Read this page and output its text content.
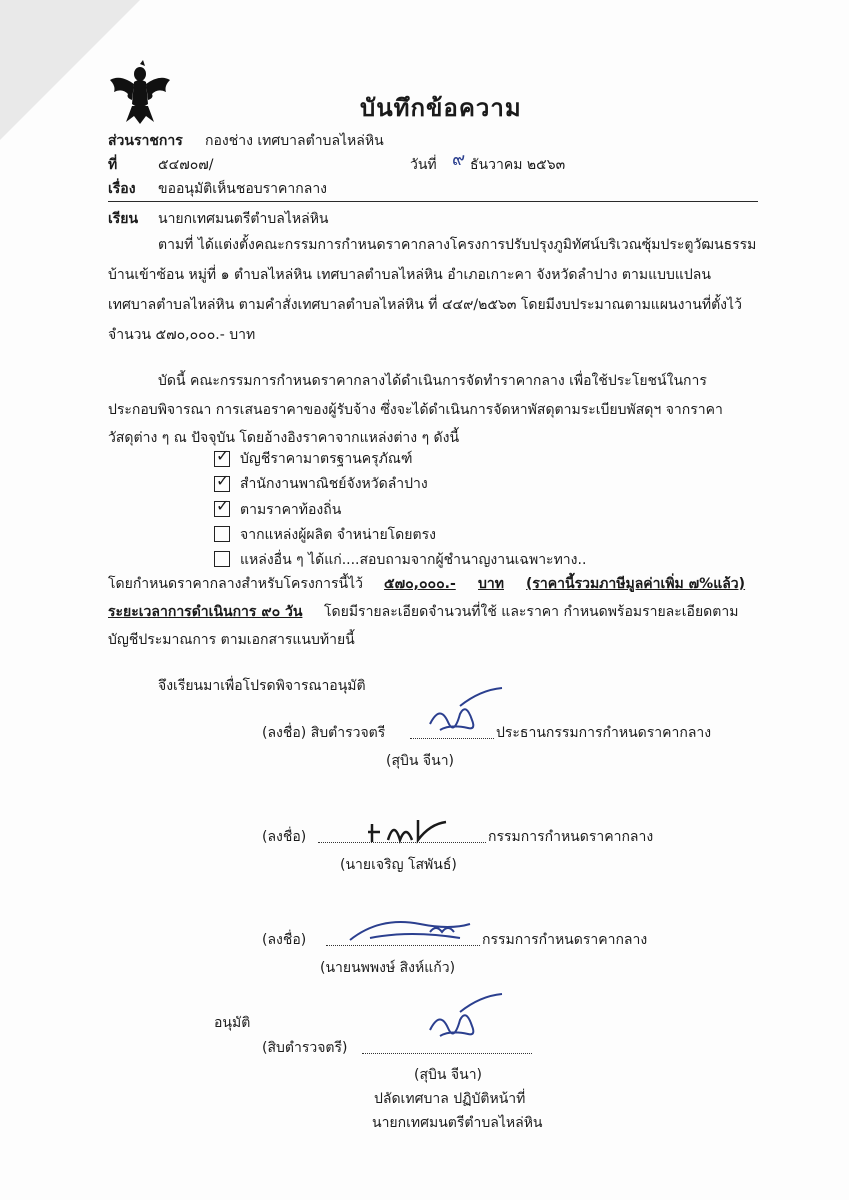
บันทึกข้อความ
ส่วนราชการ กองช่าง เทศบาลตำบลไหล่หิน
ที่	๕๔๗๐๗/	วันที่ ๙ ธันวาคม ๒๕๖๓
เรื่อง ขออนุมัติเห็นชอบราคากลาง
เรียน นายกเทศมนตรีตำบลไหล่หิน
ตามที่ ได้แต่งตั้งคณะกรรมการกำหนดราคากลางโครงการปรับปรุงภูมิทัศน์บริเวณซุ้มประตูวัฒนธรรม
บ้านเข้าซ้อน หมู่ที่ ๑ ตำบลไหล่หิน เทศบาลตำบลไหล่หิน อำเภอเกาะคา จังหวัดลำปาง ตามแบบแปลน
เทศบาลตำบลไหล่หิน ตามคำสั่งเทศบาลตำบลไหล่หิน ที่ ๔๔๙/๒๕๖๓ โดยมีงบประมาณตามแผนงานที่ตั้งไว้
จำนวน ๕๗๐,๐๐๐.- บาท
บัดนี้ คณะกรรมการกำหนดราคากลางได้ดำเนินการจัดทำราคากลาง เพื่อใช้ประโยชน์ในการ
ประกอบพิจารณา การเสนอราคาของผู้รับจ้าง ซึ่งจะได้ดำเนินการจัดหาพัสดุตามระเบียบพัสดุฯ จากราคา
วัสดุต่าง ๆ ณ ปัจจุบัน โดยอ้างอิงราคาจากแหล่งต่าง ๆ ดังนี้
✓ บัญชีราคามาตรฐานครุภัณฑ์
✓ สำนักงานพาณิชย์จังหวัดลำปาง
✓ ตามราคาท้องถิ่น
จากแหล่งผู้ผลิต จำหน่ายโดยตรง
แหล่งอื่น ๆ ได้แก่....สอบถามจากผู้ชำนาญงานเฉพาะทาง..
โดยกำหนดราคากลางสำหรับโครงการนี้ไว้ ๕๗๐,๐๐๐.- บาท (ราคานี้รวมภาษีมูลค่าเพิ่ม ๗%แล้ว)
ระยะเวลาการดำเนินการ ๙๐ วัน โดยมีรายละเอียดจำนวนที่ใช้ และราคา กำหนดพร้อมรายละเอียดตาม
บัญชีประมาณการ ตามเอกสารแนบท้ายนี้
จึงเรียนมาเพื่อโปรดพิจารณาอนุมัติ
(ลงชื่อ) สิบตำรวจตรี	ประธานกรรมการกำหนดราคากลาง
(สุบิน จีนา)
(ลงชื่อ)	กรรมการกำหนดราคากลาง
(นายเจริญ โสพันธ์)
(ลงชื่อ)	กรรมการกำหนดราคากลาง
(นายนพพงษ์ สิงห์แก้ว)
อนุมัติ
(สิบตำรวจตรี)
(สุบิน จีนา)
ปลัดเทศบาล ปฏิบัติหน้าที่
นายกเทศมนตรีตำบลไหล่หิน
